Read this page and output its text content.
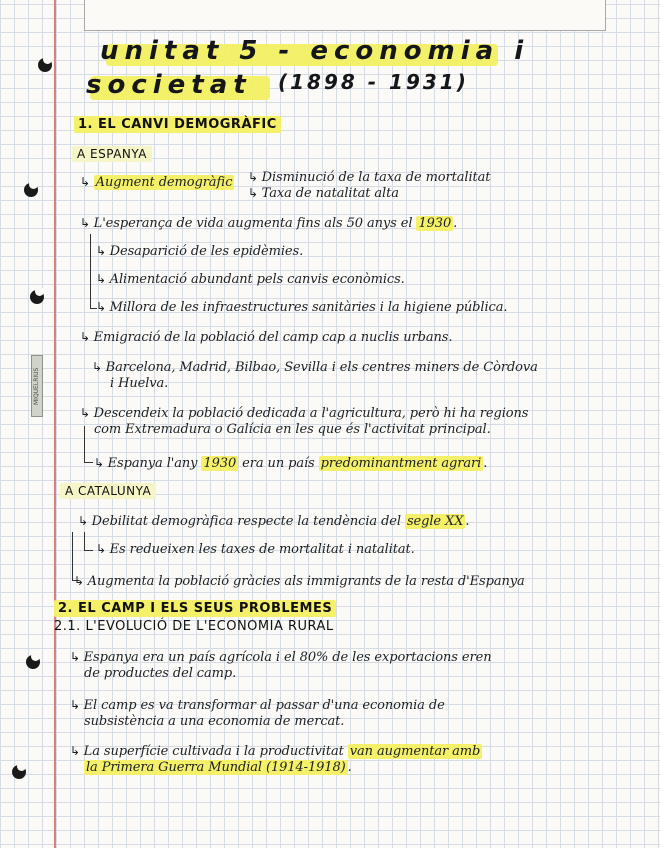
MIQUELRIUS
unitat 5 - economia i
societat (1898 - 1931)
1. EL CANVI DEMOGRÀFIC
A ESPANYA
↳ Augment demogràfic ↳ Disminució de la taxa de mortalitat
↳ Taxa de natalitat alta
↳ L'esperança de vida augmenta fins als 50 anys el 1930 .
↳ Desaparició de les epidèmies.
↳ Alimentació abundant pels canvis econòmics.
↳ Millora de les infraestructures sanitàries i la higiene pública.
↳ Emigració de la població del camp cap a nuclis urbans.
↳ Barcelona, Madrid, Bilbao, Sevilla i els centres miners de Còrdova
i Huelva.
↳ Descendeix la població dedicada a l'agricultura, però hi ha regions
com Extremadura o Galícia en les que és l'activitat principal.
↳ Espanya l'any 1930 era un país predominantment agrari .
A CATALUNYA
↳ Debilitat demogràfica respecte la tendència del segle XX .
↳ Es redueixen les taxes de mortalitat i natalitat.
↳ Augmenta la població gràcies als immigrants de la resta d'Espanya
2. EL CAMP I ELS SEUS PROBLEMES
2.1. L'EVOLUCIÓ DE L'ECONOMIA RURAL
↳ Espanya era un país agrícola i el 80% de les exportacions eren
de productes del camp.
↳ El camp es va transformar al passar d'una economia de
subsistència a una economia de mercat.
↳ La superfície cultivada i la productivitat van augmentar amb
la Primera Guerra Mundial (1914-1918) .
